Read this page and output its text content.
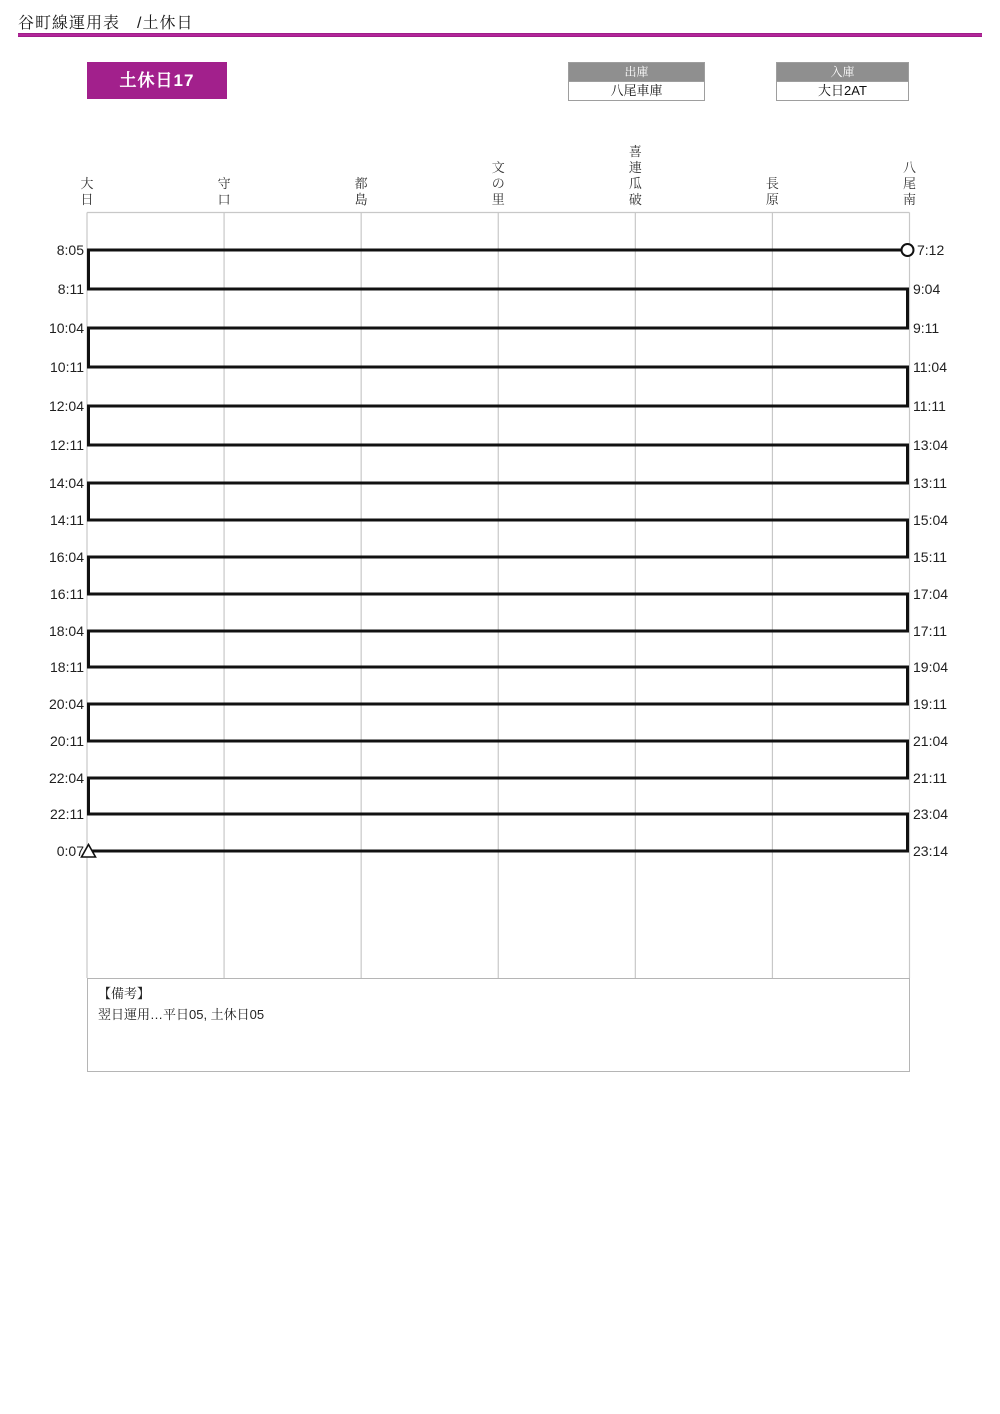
谷町線運用表　/土休日
土休日17	出庫
八尾車庫
入庫
大日2AT
大
日
守
口
都
島
文
の
里
喜
連
瓜
破
長
原
八
尾
南
8:05	7:12
8:11	9:04
10:04	9:11
10:11	11:04
12:04	11:11
12:11	13:04
14:04	13:11
14:11	15:04
16:04	15:11
16:11	17:04
18:04	17:11
18:11	19:04
20:04	19:11
20:11	21:04
22:04	21:11
22:11	23:04
0:07	23:14
【備考】
翌日運用…平日05, 土休日05
